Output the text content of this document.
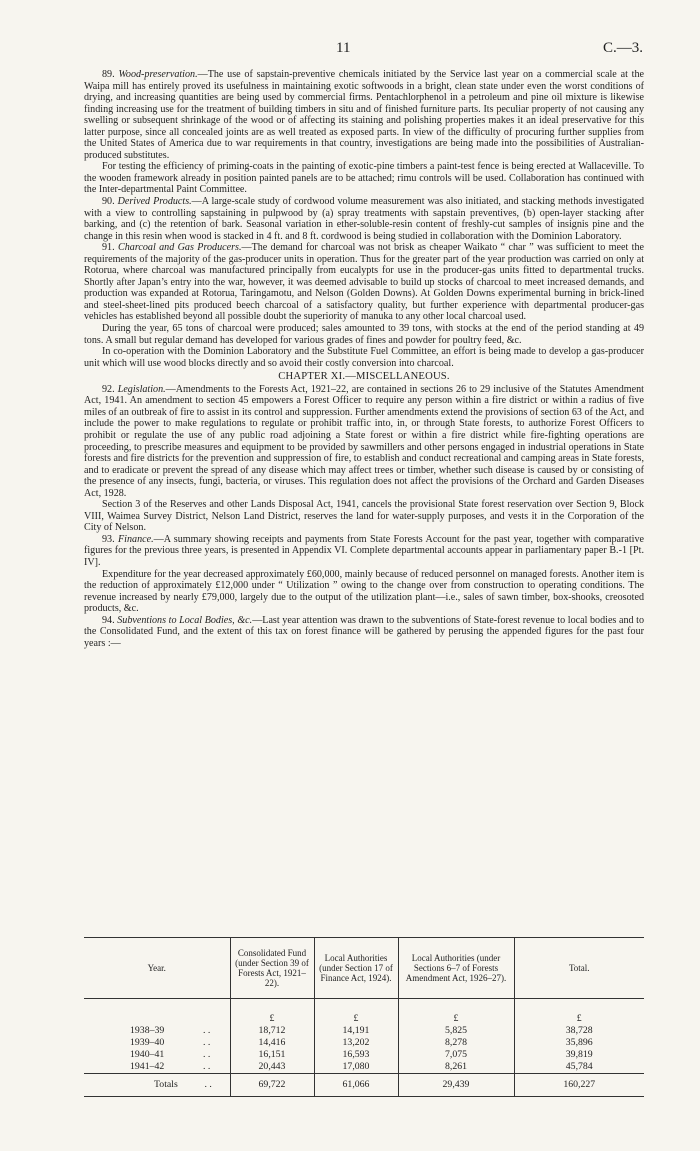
11	C.—3.

89. Wood-preservation.—The use of sapstain-preventive chemicals initiated by the Service last year on a commercial scale at the Waipa mill has entirely proved its usefulness in maintaining exotic softwoods in a bright, clean state under even the worst conditions of drying, and increasing quantities are being used by commercial firms. Pentachlorphenol in a petroleum and pine oil mixture is likewise finding increasing use for the treatment of building timbers in situ and of finished furniture parts. Its peculiar property of not causing any swelling or subsequent shrinkage of the wood or of affecting its staining and polishing properties makes it an ideal preservative for this latter purpose, since all concealed joints are as well treated as exposed parts. In view of the difficulty of procuring further supplies from the United States of America due to war requirements in that country, investigations are being made into the possibilities of Australian-produced substitutes.

For testing the efficiency of priming-coats in the painting of exotic-pine timbers a paint-test fence is being erected at Wallaceville. To the wooden framework already in position painted panels are to be attached; rimu controls will be used. Collaboration has continued with the Inter-departmental Paint Committee.

90. Derived Products.—A large-scale study of cordwood volume measurement was also initiated, and stacking methods investigated with a view to controlling sapstaining in pulpwood by (a) spray treatments with sapstain preventives, (b) open-layer stacking after barking, and (c) the retention of bark. Seasonal variation in ether-soluble-resin content of freshly-cut samples of insignis pine and the change in this resin when wood is stacked in 4 ft. and 8 ft. cordwood is being studied in collaboration with the Dominion Laboratory.

91. Charcoal and Gas Producers.—The demand for charcoal was not brisk as cheaper Waikato “ char ” was sufficient to meet the requirements of the majority of the gas-producer units in operation. Thus for the greater part of the year production was carried on only at Rotorua, where charcoal was manufactured principally from eucalypts for use in the producer-gas units fitted to departmental trucks. Shortly after Japan’s entry into the war, however, it was deemed advisable to build up stocks of charcoal to meet increased demands, and production was expanded at Rotorua, Taringamotu, and Nelson (Golden Downs). At Golden Downs experimental burning in brick-lined and steel-sheet-lined pits produced beech charcoal of a satisfactory quality, but further experience with departmental producer-gas vehicles has established beyond all possible doubt the superiority of manuka to any other local charcoal used.

During the year, 65 tons of charcoal were produced; sales amounted to 39 tons, with stocks at the end of the period standing at 49 tons. A small but regular demand has developed for various grades of fines and powder for poultry feed, &c.

In co-operation with the Dominion Laboratory and the Substitute Fuel Committee, an effort is being made to develop a gas-producer unit which will use wood blocks directly and so avoid their costly conversion into charcoal.

CHAPTER XI.—MISCELLANEOUS.

92. Legislation.—Amendments to the Forests Act, 1921–22, are contained in sections 26 to 29 inclusive of the Statutes Amendment Act, 1941. An amendment to section 45 empowers a Forest Officer to require any person within a fire district or within a radius of five miles of an outbreak of fire to assist in its control and suppression. Further amendments extend the provisions of section 63 of the Act, and include the power to make regulations to regulate or prohibit traffic into, in, or through State forests, to authorize Forest Officers to prohibit or regulate the use of any public road adjoining a State forest or within a fire district while fire-fighting operations are proceeding, to prescribe measures and equipment to be provided by sawmillers and other persons engaged in industrial operations in State forests and fire districts for the prevention and suppression of fire, to establish and conduct recreational and camping areas in State forests, and to eradicate or prevent the spread of any disease which may affect trees or timber, whether such disease is caused by or consisting of the presence of any insects, fungi, bacteria, or viruses. This regulation does not affect the provisions of the Orchard and Garden Diseases Act, 1928.

Section 3 of the Reserves and other Lands Disposal Act, 1941, cancels the provisional State forest reservation over Section 9, Block VIII, Waimea Survey District, Nelson Land District, reserves the land for water-supply purposes, and vests it in the Corporation of the City of Nelson.

93. Finance.—A summary showing receipts and payments from State Forests Account for the past year, together with comparative figures for the previous three years, is presented in Appendix VI. Complete departmental accounts appear in parliamentary paper B.-1 [Pt. IV].

Expenditure for the year decreased approximately £60,000, mainly because of reduced personnel on managed forests. Another item is the reduction of approximately £12,000 under “ Utilization ” owing to the change over from construction to operating conditions. The revenue increased by nearly £79,000, largely due to the output of the utilization plant—i.e., sales of sawn timber, box-shooks, creosoted products, &c.

94. Subventions to Local Bodies, &c.—Last year attention was drawn to the subventions of State-forest revenue to local bodies and to the Consolidated Fund, and the extent of this tax on forest finance will be gathered by perusing the appended figures for the past four years :—

Year.	Consolidated Fund (under Section 39 of Forests Act, 1921–22).	Local Authorities (under Section 17 of Finance Act, 1924).	Local Authorities (under Sections 6–7 of Forests Amendment Act, 1926–27).	Total.
	£	£	£	£
1938–39 . .	18,712	14,191	5,825	38,728
1939–40 . .	14,416	13,202	8,278	35,896
1940–41 . .	16,151	16,593	7,075	39,819
1941–42 . .	20,443	17,080	8,261	45,784
Totals . .	69,722	61,066	29,439	160,227
